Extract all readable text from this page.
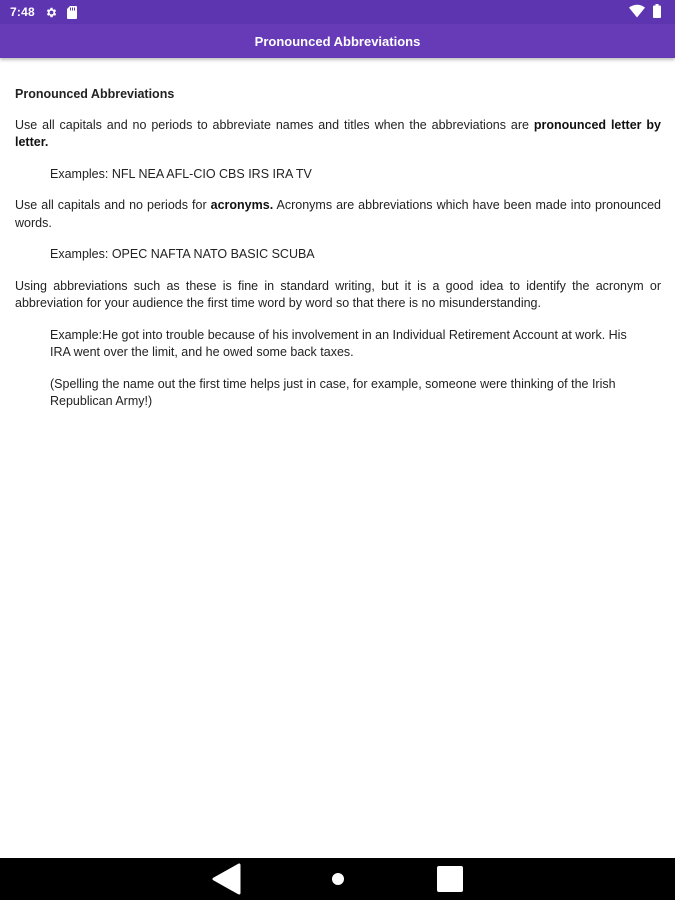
7:48
Pronounced Abbreviations

Pronounced Abbreviations

Use all capitals and no periods to abbreviate names and titles when the abbreviations are pronounced letter by letter.

Examples: NFL NEA AFL-CIO CBS IRS IRA TV

Use all capitals and no periods for acronyms. Acronyms are abbreviations which have been made into pronounced words.

Examples: OPEC NAFTA NATO BASIC SCUBA

Using abbreviations such as these is fine in standard writing, but it is a good idea to identify the acronym or abbreviation for your audience the first time word by word so that there is no misunderstanding.

Example:He got into trouble because of his involvement in an Individual Retirement Account at work. His IRA went over the limit, and he owed some back taxes.

(Spelling the name out the first time helps just in case, for example, someone were thinking of the Irish Republican Army!)
